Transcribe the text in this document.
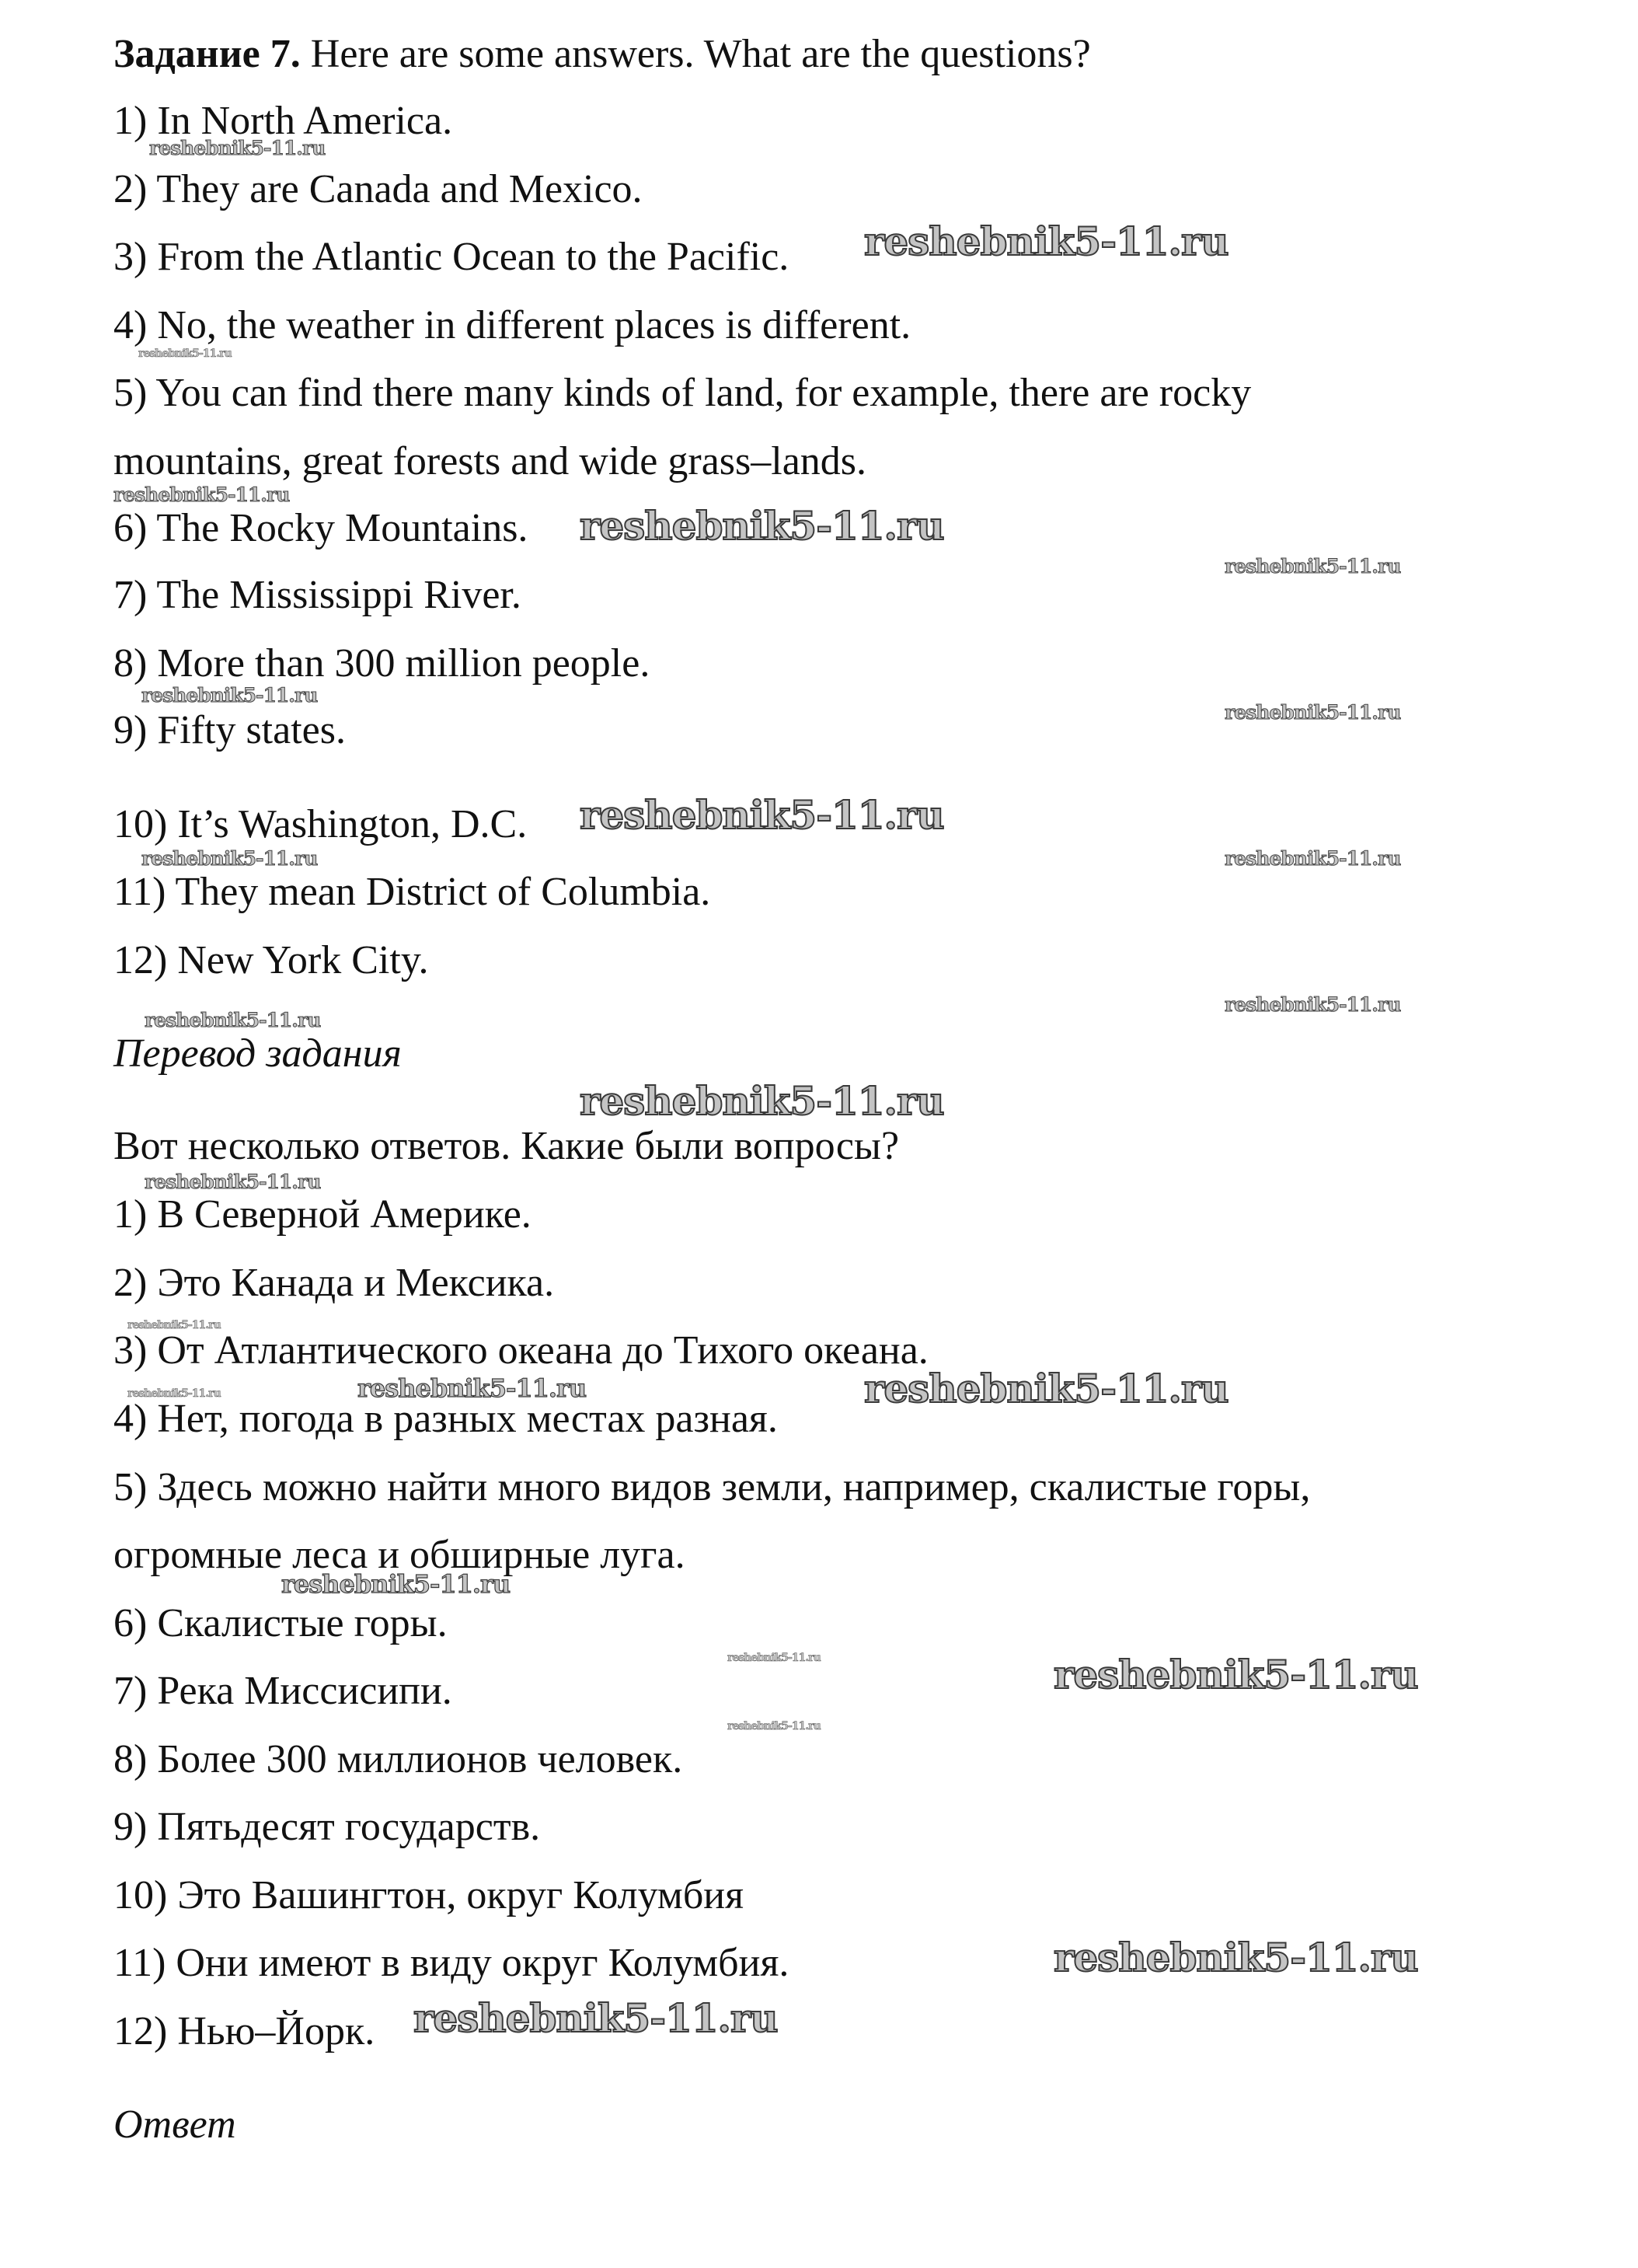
Задание 7. Here are some answers. What are the questions?
1) In North America.
2) They are Canada and Mexico.
3) From the Atlantic Ocean to the Pacific.
4) No, the weather in different places is different.
5) You can find there many kinds of land, for example, there are rocky
mountains, great forests and wide grass–lands.
6) The Rocky Mountains.
7) The Mississippi River.
8) More than 300 million people.
9) Fifty states.
10) It’s Washington, D.C.
11) They mean District of Columbia.
12) New York City.
Перевод задания
Вот несколько ответов. Какие были вопросы?
1) В Северной Америке.
2) Это Канада и Мексика.
3) От Атлантического океана до Тихого океана.
4) Нет, погода в разных местах разная.
5) Здесь можно найти много видов земли, например, скалистые горы,
огромные леса и обширные луга.
6) Скалистые горы.
7) Река Миссисипи.
8) Более 300 миллионов человек.
9) Пятьдесят государств.
10) Это Вашингтон, округ Колумбия
11) Они имеют в виду округ Колумбия.
12) Нью–Йорк.
Ответ
reshebnik5-11.ru
reshebnik5-11.ru
reshebnik5-11.ru
reshebnik5-11.ru
reshebnik5-11.ru
reshebnik5-11.ru
reshebnik5-11.ru
reshebnik5-11.ru
reshebnik5-11.ru
reshebnik5-11.ru	reshebnik5-11.ru
reshebnik5-11.ru
reshebnik5-11.ru
reshebnik5-11.ru
reshebnik5-11.ru
reshebnik5-11.ru
reshebnik5-11.ru	reshebnik5-11.ru	reshebnik5-11.ru
reshebnik5-11.ru
reshebnik5-11.ru	reshebnik5-11.ru
reshebnik5-11.ru
reshebnik5-11.ru
reshebnik5-11.ru
